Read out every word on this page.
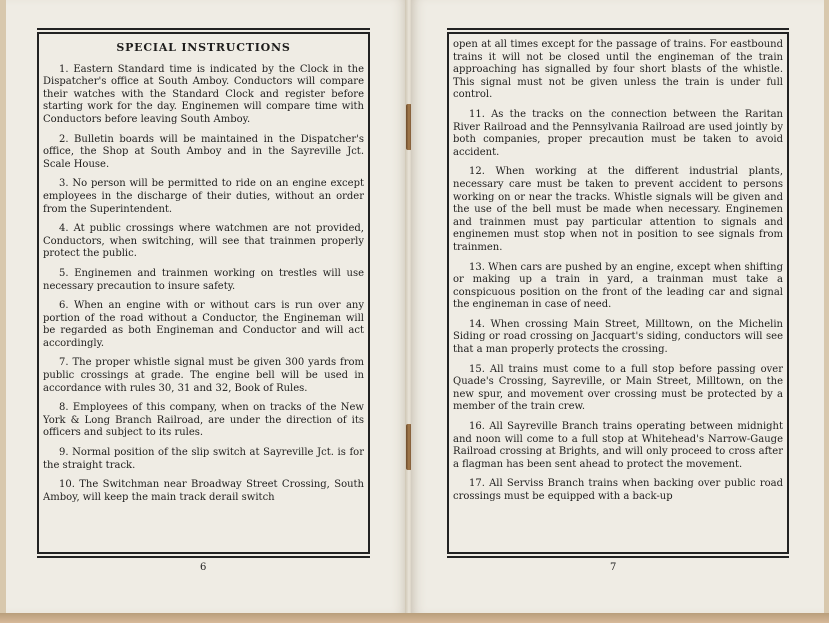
SPECIAL INSTRUCTIONS

1. Eastern Standard time is indicated by the Clock in the Dispatcher's office at South Amboy. Conductors will compare their watches with the Standard Clock and register before starting work for the day. Enginemen will compare time with Conductors before leaving South Amboy.

2. Bulletin boards will be maintained in the Dispatcher's office, the Shop at South Amboy and in the Sayreville Jct. Scale House.

3. No person will be permitted to ride on an engine except employees in the discharge of their duties, without an order from the Superintendent.

4. At public crossings where watchmen are not provided, Conductors, when switching, will see that trainmen properly protect the public.

5. Enginemen and trainmen working on trestles will use necessary precaution to insure safety.

6. When an engine with or without cars is run over any portion of the road without a Conductor, the Engineman will be regarded as both Engineman and Conductor and will act accordingly.

7. The proper whistle signal must be given 300 yards from public crossings at grade. The engine bell will be used in accordance with rules 30, 31 and 32, Book of Rules.

8. Employees of this company, when on tracks of the New York & Long Branch Railroad, are under the direction of its officers and subject to its rules.

9. Normal position of the slip switch at Sayreville Jct. is for the straight track.

10. The Switchman near Broadway Street Crossing, South Amboy, will keep the main track derail switch

6

open at all times except for the passage of trains. For eastbound trains it will not be closed until the engineman of the train approaching has signalled by four short blasts of the whistle. This signal must not be given unless the train is under full control.

11. As the tracks on the connection between the Raritan River Railroad and the Pennsylvania Railroad are used jointly by both companies, proper precaution must be taken to avoid accident.

12. When working at the different industrial plants, necessary care must be taken to prevent accident to persons working on or near the tracks. Whistle signals will be given and the use of the bell must be made when necessary. Enginemen and trainmen must pay particular attention to signals and enginemen must stop when not in position to see signals from trainmen.

13. When cars are pushed by an engine, except when shifting or making up a train in yard, a trainman must take a conspicuous position on the front of the leading car and signal the engineman in case of need.

14. When crossing Main Street, Milltown, on the Michelin Siding or road crossing on Jacquart's siding, conductors will see that a man properly protects the crossing.

15. All trains must come to a full stop before passing over Quade's Crossing, Sayreville, or Main Street, Milltown, on the new spur, and movement over crossing must be protected by a member of the train crew.

16. All Sayreville Branch trains operating between midnight and noon will come to a full stop at Whitehead's Narrow-Gauge Railroad crossing at Brights, and will only proceed to cross after a flagman has been sent ahead to protect the movement.

17. All Serviss Branch trains when backing over public road crossings must be equipped with a back-up

7
